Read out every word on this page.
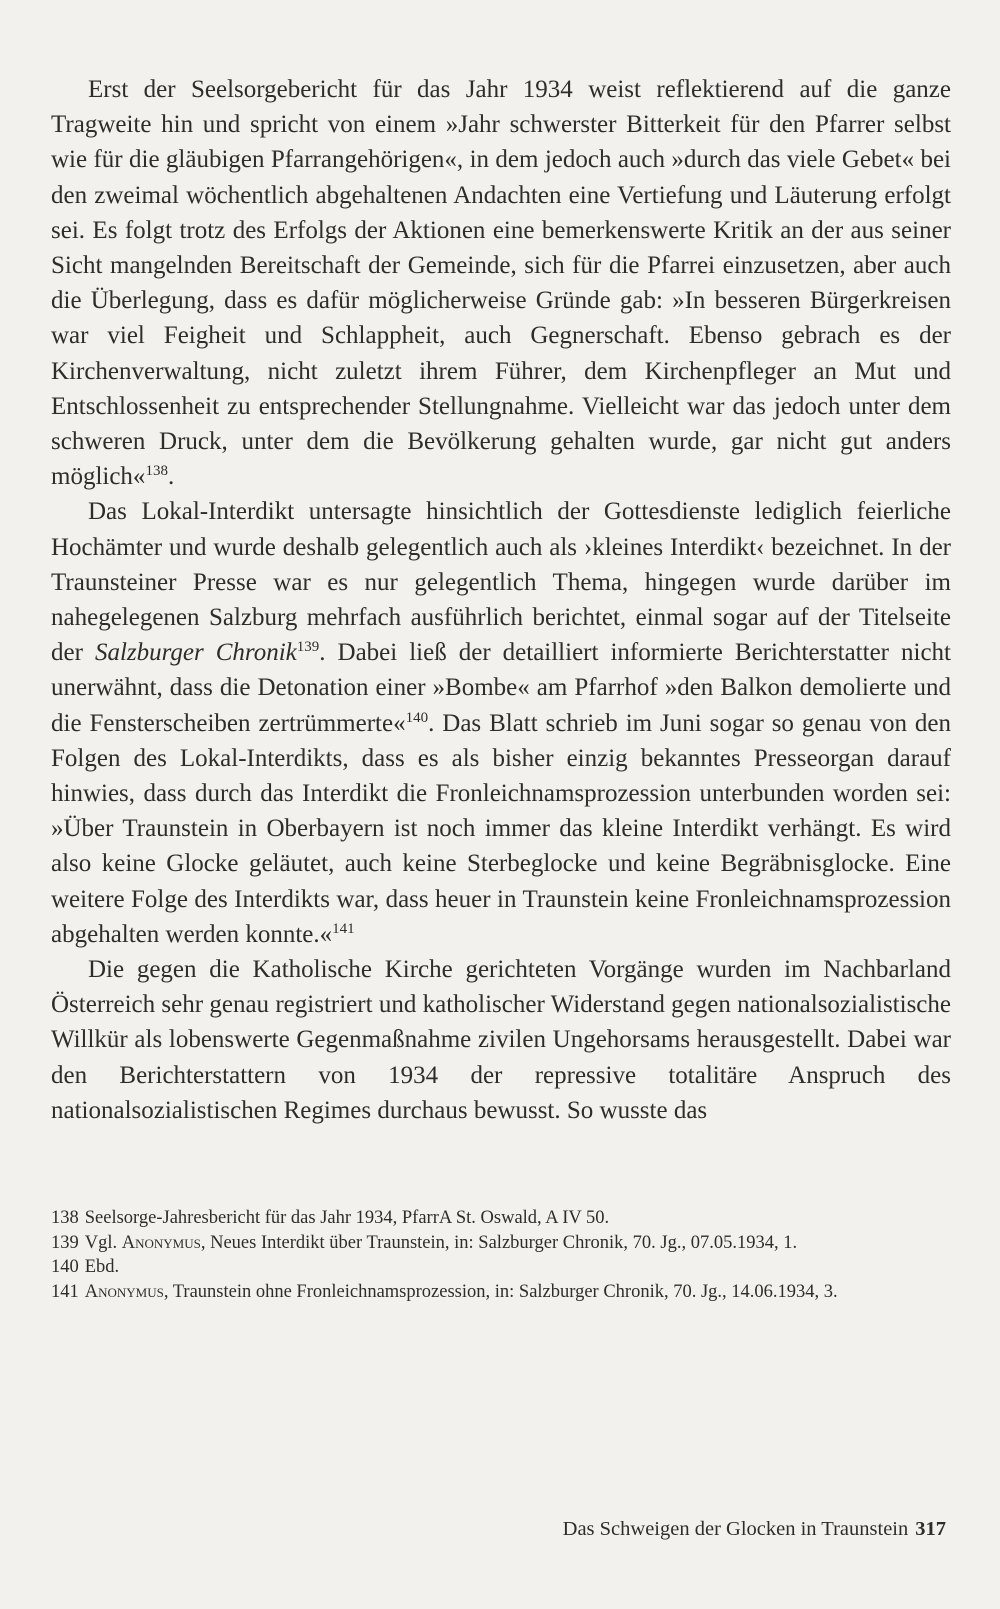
Erst der Seelsorgebericht für das Jahr 1934 weist reflektierend auf die ganze Tragweite hin und spricht von einem »Jahr schwerster Bitterkeit für den Pfarrer selbst wie für die gläubigen Pfarrangehörigen«, in dem jedoch auch »durch das viele Gebet« bei den zweimal wöchentlich abgehaltenen Andachten eine Vertiefung und Läuterung erfolgt sei. Es folgt trotz des Erfolgs der Aktionen eine bemerkenswerte Kritik an der aus seiner Sicht mangelnden Bereitschaft der Gemeinde, sich für die Pfarrei einzusetzen, aber auch die Überlegung, dass es dafür möglicherweise Gründe gab: »In besseren Bürgerkreisen war viel Feigheit und Schlappheit, auch Gegnerschaft. Ebenso gebrach es der Kirchenverwaltung, nicht zuletzt ihrem Führer, dem Kirchenpfleger an Mut und Entschlossenheit zu entsprechender Stellungnahme. Vielleicht war das jedoch unter dem schweren Druck, unter dem die Bevölkerung gehalten wurde, gar nicht gut anders möglich«$^{138}$.

Das Lokal-Interdikt untersagte hinsichtlich der Gottesdienste lediglich feierliche Hochämter und wurde deshalb gelegentlich auch als ›kleines Interdikt‹ bezeichnet. In der Traunsteiner Presse war es nur gelegentlich Thema, hingegen wurde darüber im nahegelegenen Salzburg mehrfach ausführlich berichtet, einmal sogar auf der Titelseite der Salzburger Chronik$^{139}$. Dabei ließ der detailliert informierte Berichterstatter nicht unerwähnt, dass die Detonation einer »Bombe« am Pfarrhof »den Balkon demolierte und die Fensterscheiben zertrümmerte«$^{140}$. Das Blatt schrieb im Juni sogar so genau von den Folgen des Lokal-Interdikts, dass es als bisher einzig bekanntes Presseorgan darauf hinwies, dass durch das Interdikt die Fronleichnamsprozession unterbunden worden sei: »Über Traunstein in Oberbayern ist noch immer das kleine Interdikt verhängt. Es wird also keine Glocke geläutet, auch keine Sterbeglocke und keine Begräbnisglocke. Eine weitere Folge des Interdikts war, dass heuer in Traunstein keine Fronleichnamsprozession abgehalten werden konnte.«$^{141}$

Die gegen die Katholische Kirche gerichteten Vorgänge wurden im Nachbarland Österreich sehr genau registriert und katholischer Widerstand gegen nationalsozialistische Willkür als lobenswerte Gegenmaßnahme zivilen Ungehorsams herausgestellt. Dabei war den Berichterstattern von 1934 der repressive totalitäre Anspruch des nationalsozialistischen Regimes durchaus bewusst. So wusste das

138 Seelsorge-Jahresbericht für das Jahr 1934, PfarrA St. Oswald, A IV 50.

139 Vgl. Anonymus, Neues Interdikt über Traunstein, in: Salzburger Chronik, 70. Jg., 07.05.1934, 1.

140 Ebd.

141 Anonymus, Traunstein ohne Fronleichnamsprozession, in: Salzburger Chronik, 70. Jg., 14.06.1934, 3.

Das Schweigen der Glocken in Traunstein 317
